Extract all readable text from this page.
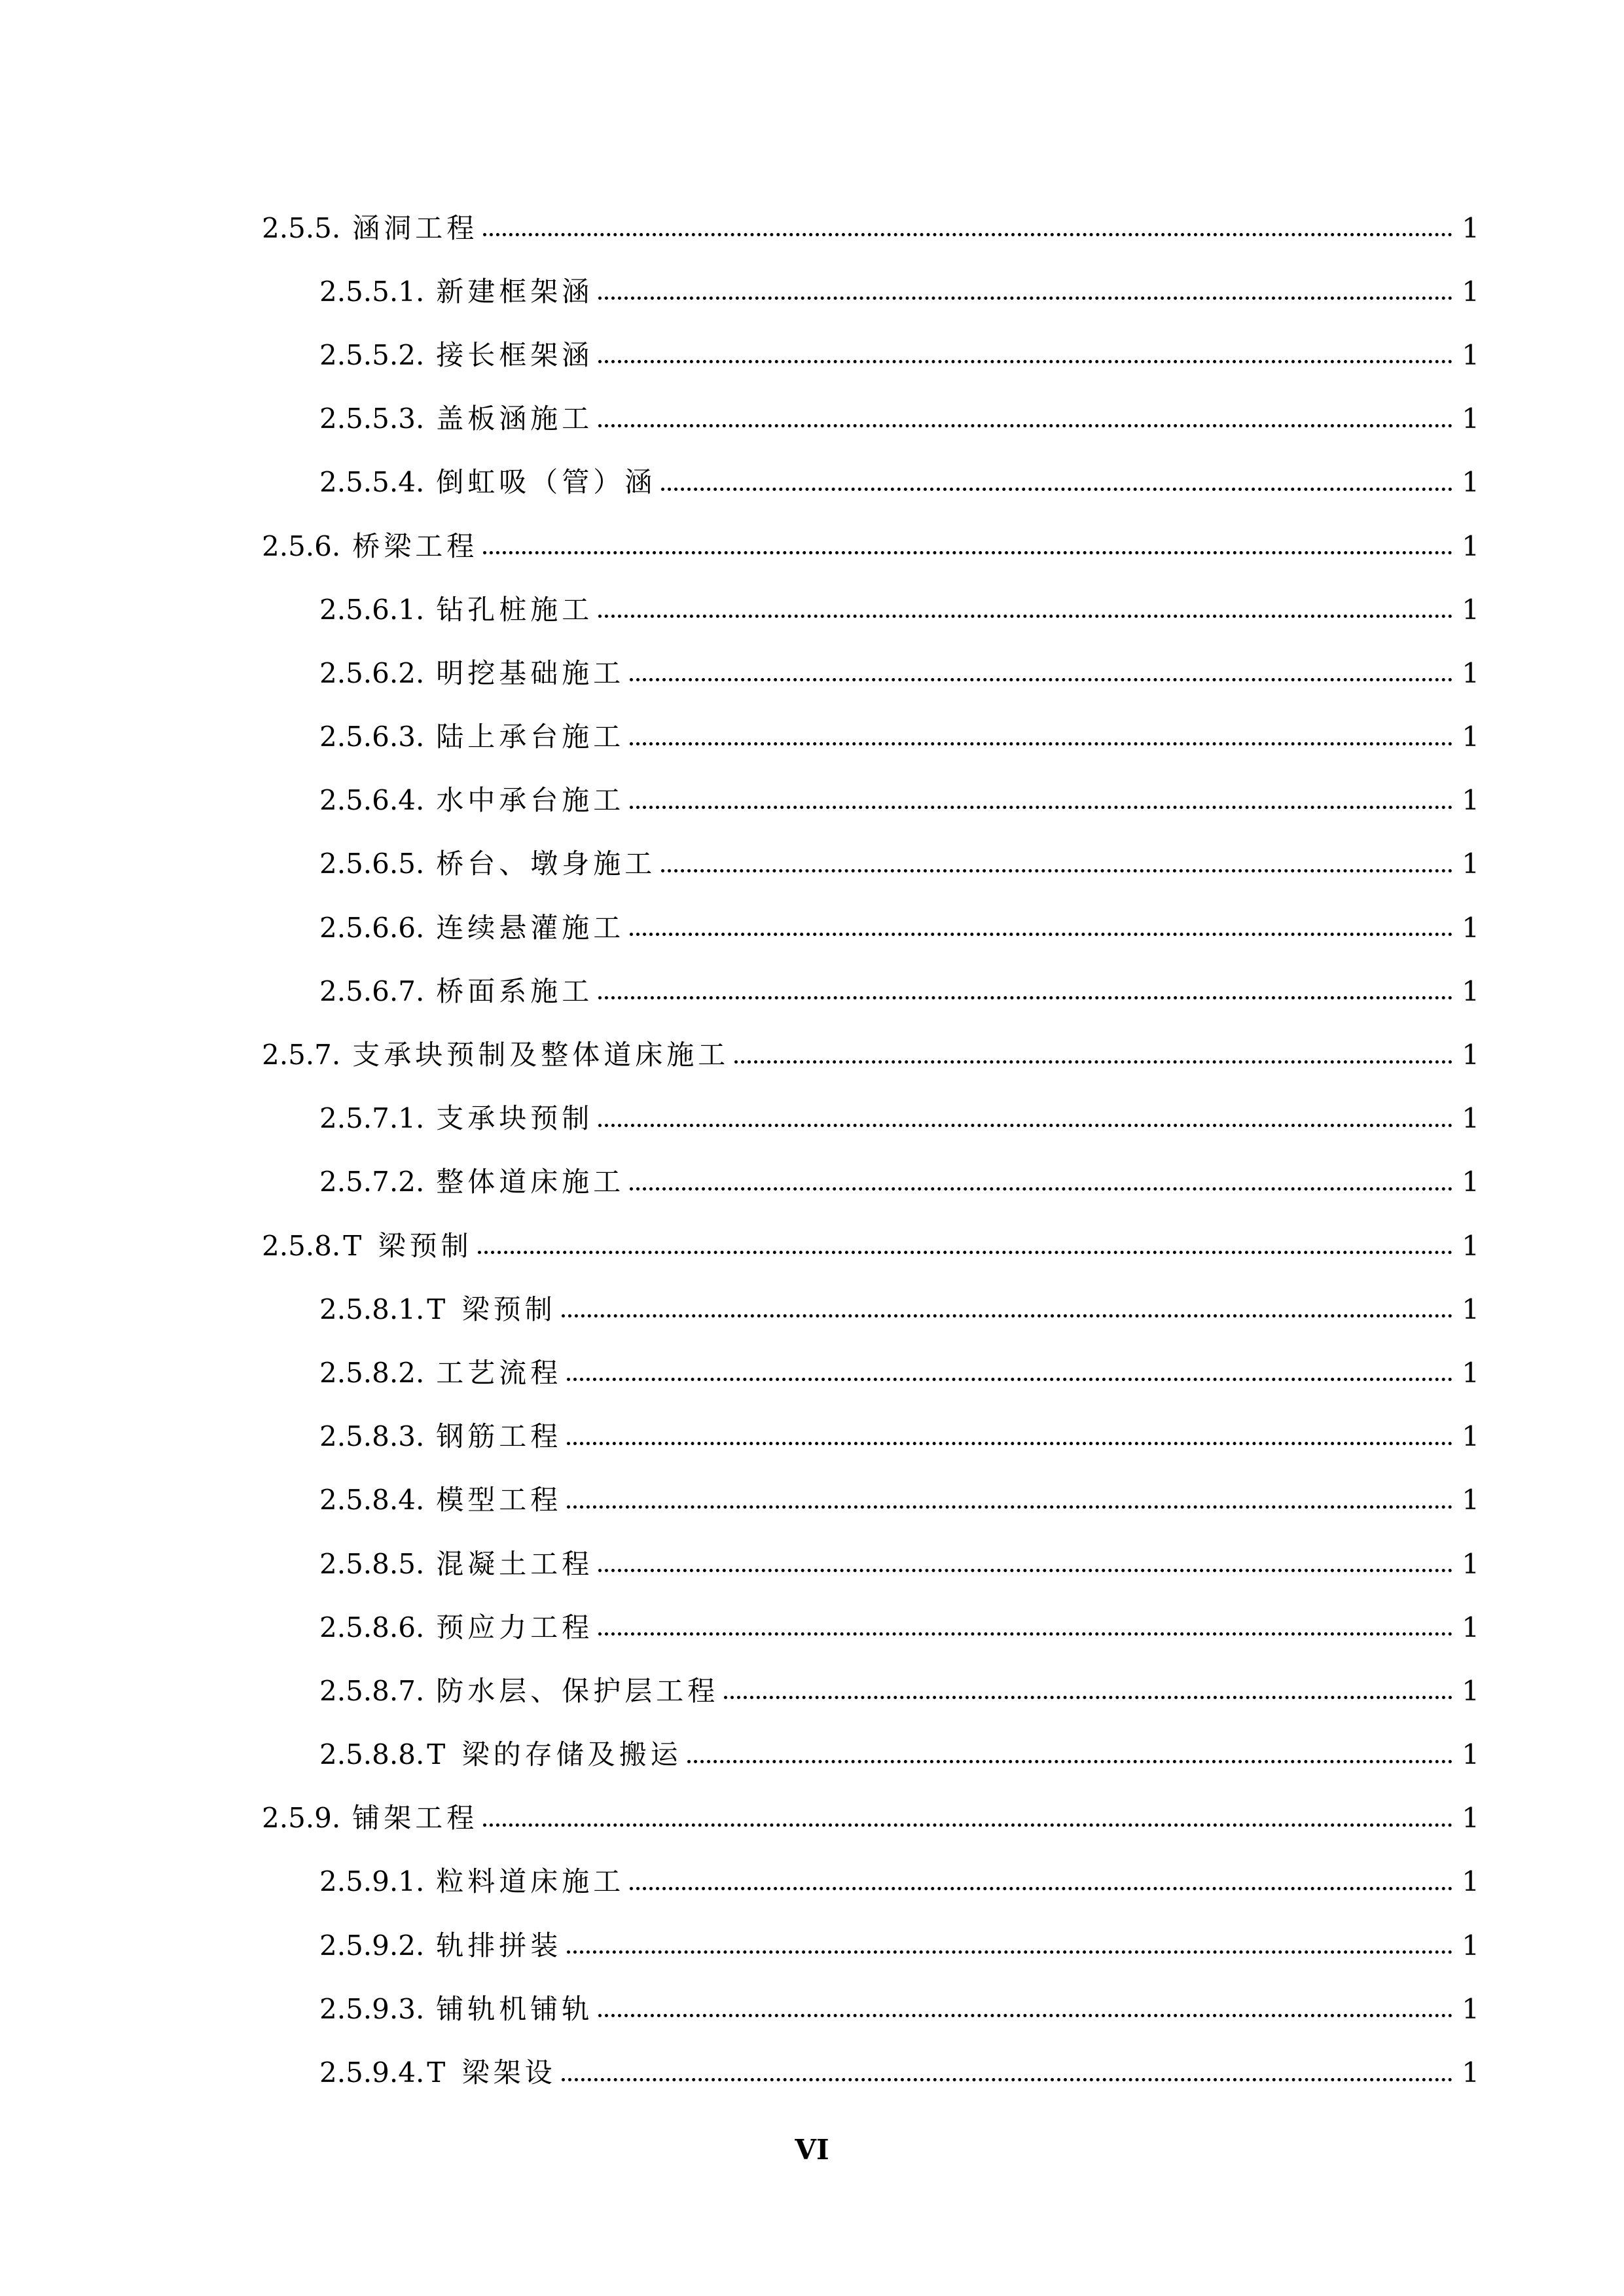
2.5.5. 涵洞工程	1
2.5.5.1. 新建框架涵	1
2.5.5.2. 接长框架涵	1
2.5.5.3. 盖板涵施工	1
2.5.5.4. 倒虹吸（管）涵	1
2.5.6. 桥梁工程	1
2.5.6.1. 钻孔桩施工	1
2.5.6.2. 明挖基础施工	1
2.5.6.3. 陆上承台施工	1
2.5.6.4. 水中承台施工	1
2.5.6.5. 桥台、墩身施工	1
2.5.6.6. 连续悬灌施工	1
2.5.6.7. 桥面系施工	1
2.5.7. 支承块预制及整体道床施工	1
2.5.7.1. 支承块预制	1
2.5.7.2. 整体道床施工	1
2.5.8. T 梁预制	1
2.5.8.1. T 梁预制	1
2.5.8.2. 工艺流程	1
2.5.8.3. 钢筋工程	1
2.5.8.4. 模型工程	1
2.5.8.5. 混凝土工程	1
2.5.8.6. 预应力工程	1
2.5.8.7. 防水层、保护层工程	1
2.5.8.8. T 梁的存储及搬运	1
2.5.9. 铺架工程	1
2.5.9.1. 粒料道床施工	1
2.5.9.2. 轨排拼装	1
2.5.9.3. 铺轨机铺轨	1
2.5.9.4. T 梁架设	1
VI
